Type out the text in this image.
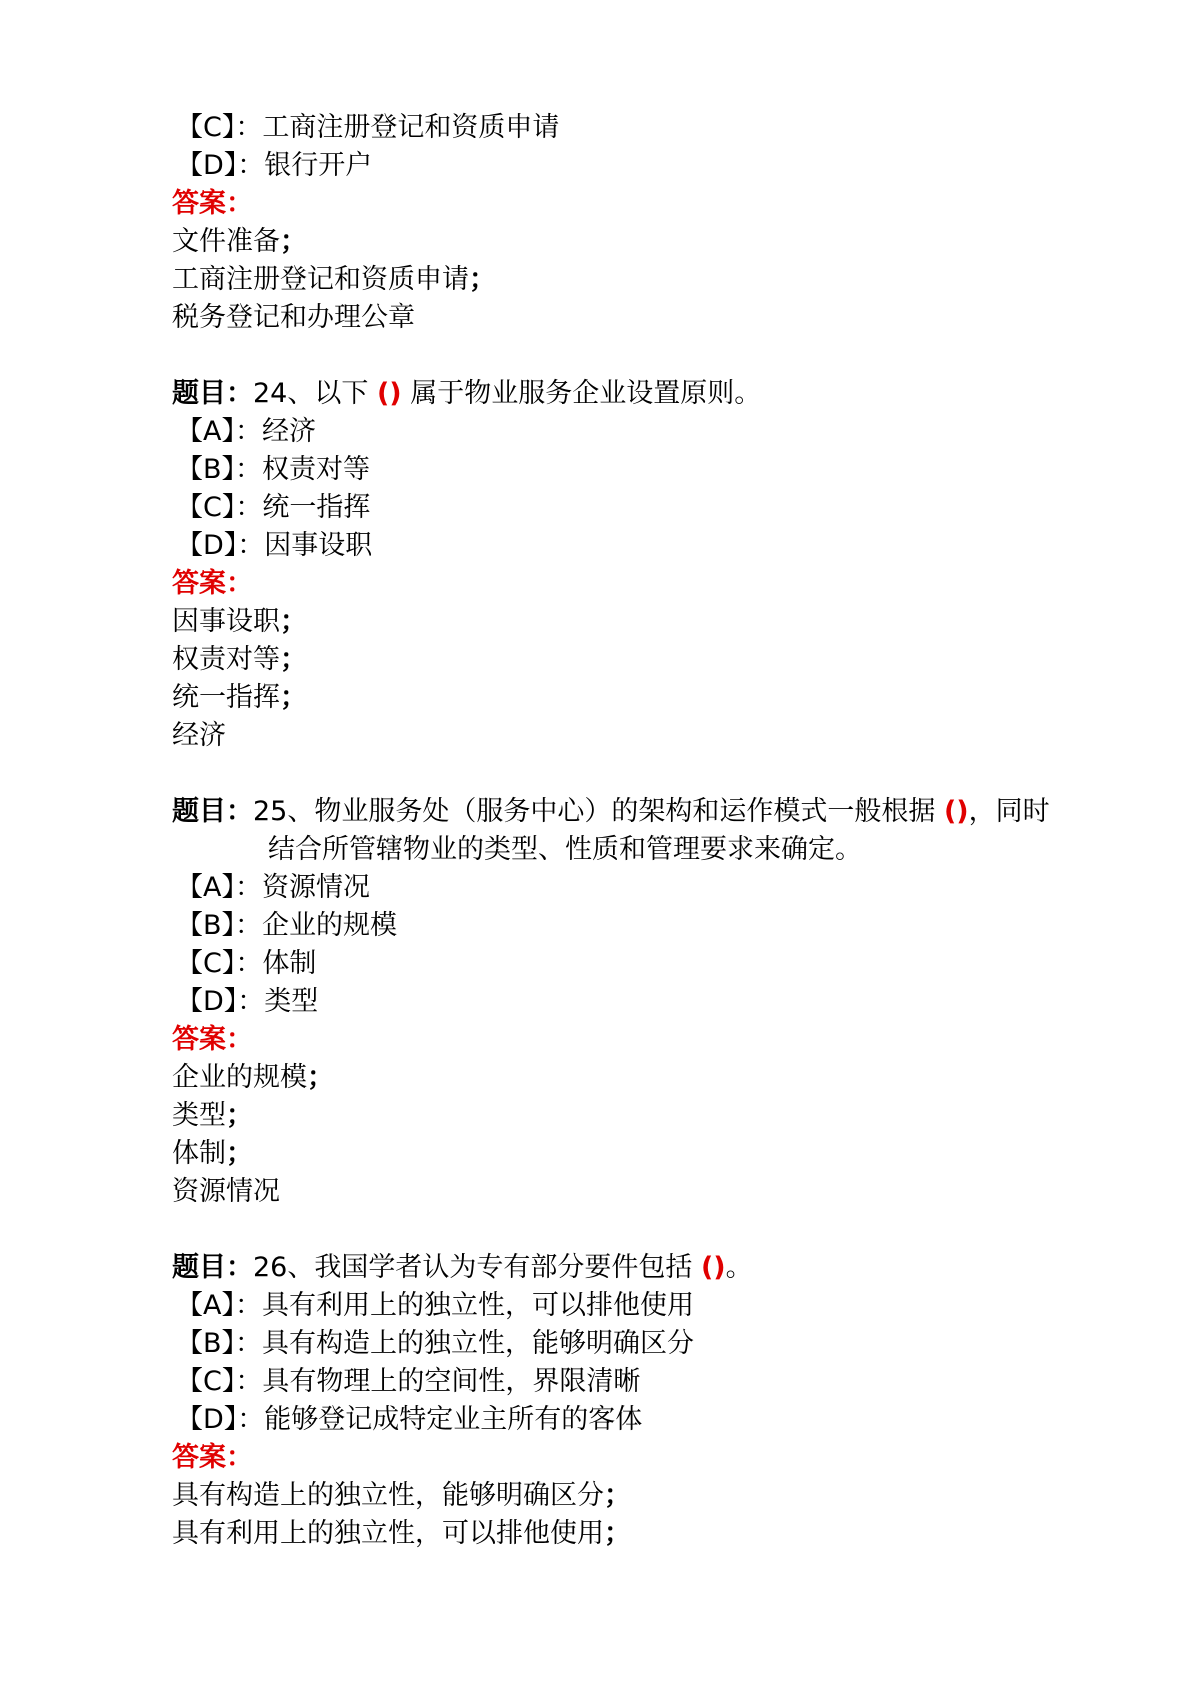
【C】：工商注册登记和资质申请
【D】：银行开户
答案：
文件准备；
工商注册登记和资质申请；
税务登记和办理公章
题目：24、以下 () 属于物业服务企业设置原则。
【A】：经济
【B】：权责对等
【C】：统一指挥
【D】：因事设职
答案：
因事设职；
权责对等；
统一指挥；
经济
题目：25、物业服务处（服务中心）的架构和运作模式一般根据 ()，同时
结合所管辖物业的类型、性质和管理要求来确定。
【A】：资源情况
【B】：企业的规模
【C】：体制
【D】：类型
答案：
企业的规模；
类型；
体制；
资源情况
题目：26、我国学者认为专有部分要件包括 ()。
【A】：具有利用上的独立性，可以排他使用
【B】：具有构造上的独立性，能够明确区分
【C】：具有物理上的空间性，界限清晰
【D】：能够登记成特定业主所有的客体
答案：
具有构造上的独立性，能够明确区分；
具有利用上的独立性，可以排他使用；
